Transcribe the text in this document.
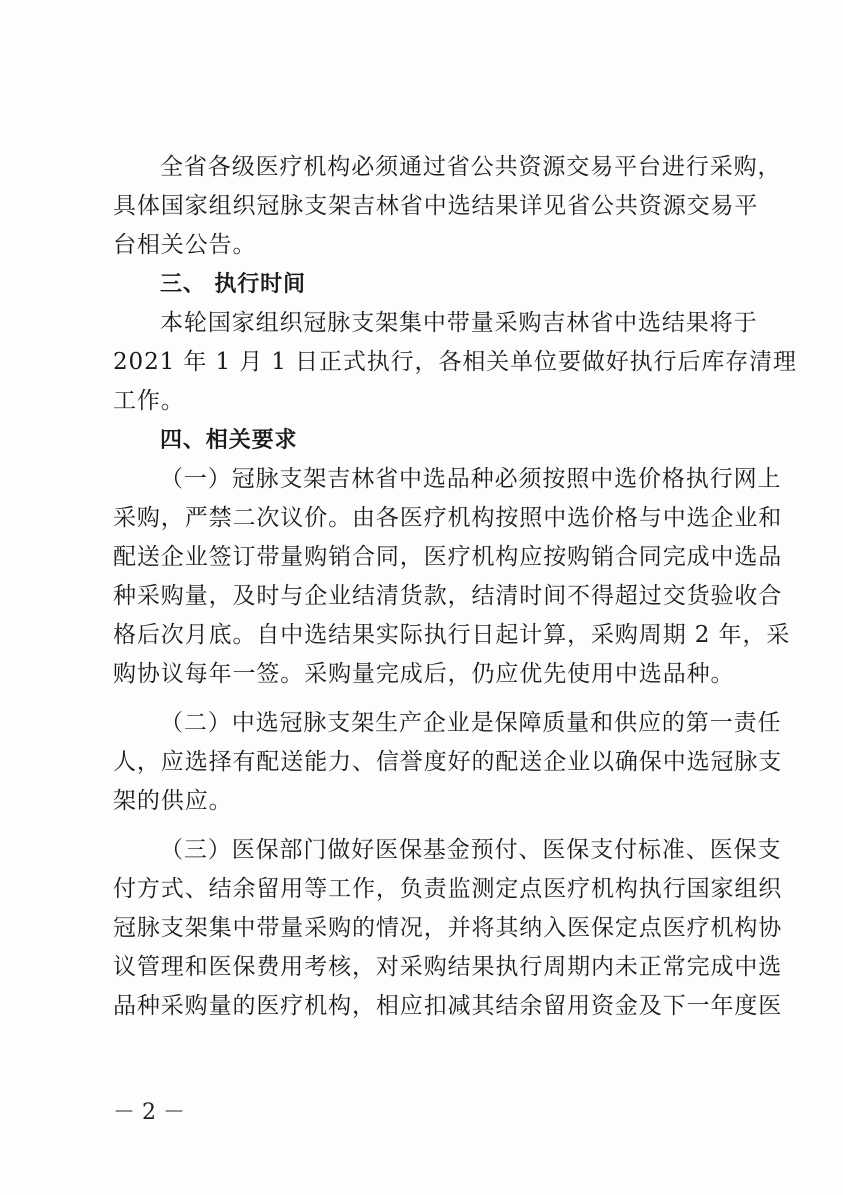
全省各级医疗机构必须通过省公共资源交易平台进行采购，
具体国家组织冠脉支架吉林省中选结果详见省公共资源交易平
台相关公告。
三、 执行时间
本轮国家组织冠脉支架集中带量采购吉林省中选结果将于
2021 年 1 月 1 日正式执行，各相关单位要做好执行后库存清理
工作。
四、相关要求
（一）冠脉支架吉林省中选品种必须按照中选价格执行网上
采购，严禁二次议价。由各医疗机构按照中选价格与中选企业和
配送企业签订带量购销合同，医疗机构应按购销合同完成中选品
种采购量，及时与企业结清货款，结清时间不得超过交货验收合
格后次月底。自中选结果实际执行日起计算，采购周期 2 年，采
购协议每年一签。采购量完成后，仍应优先使用中选品种。
（二）中选冠脉支架生产企业是保障质量和供应的第一责任
人，应选择有配送能力、信誉度好的配送企业以确保中选冠脉支
架的供应。
（三）医保部门做好医保基金预付、医保支付标准、医保支
付方式、结余留用等工作，负责监测定点医疗机构执行国家组织
冠脉支架集中带量采购的情况，并将其纳入医保定点医疗机构协
议管理和医保费用考核，对采购结果执行周期内未正常完成中选
品种采购量的医疗机构，相应扣减其结余留用资金及下一年度医
－ 2 －
